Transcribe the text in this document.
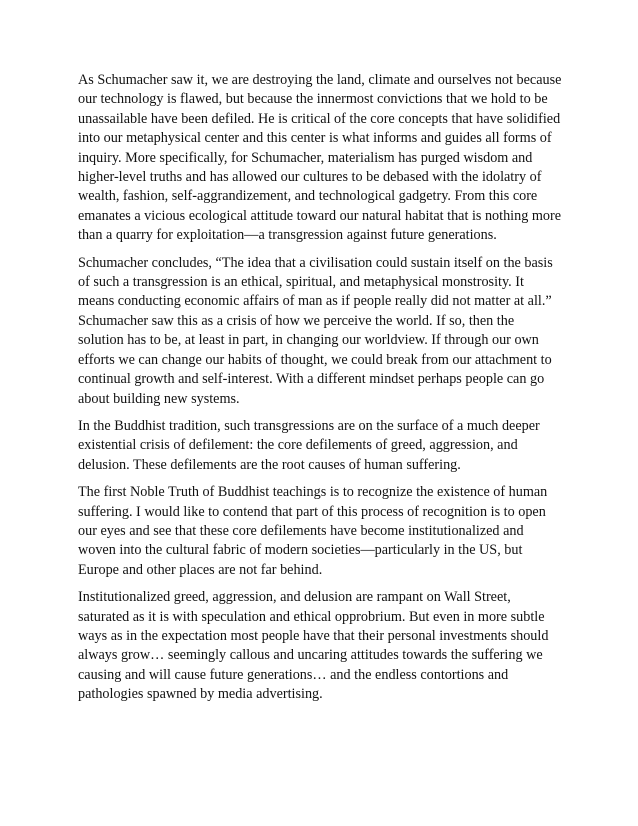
As Schumacher saw it, we are destroying the land, climate and ourselves not because our technology is flawed, but because the innermost convictions that we hold to be unassailable have been defiled. He is critical of the core concepts that have solidified into our metaphysical center and this center is what informs and guides all forms of inquiry. More specifically, for Schumacher, materialism has purged wisdom and higher-level truths and has allowed our cultures to be debased with the idolatry of wealth, fashion, self-aggrandizement, and technological gadgetry. From this core emanates a vicious ecological attitude toward our natural habitat that is nothing more than a quarry for exploitation—a transgression against future generations.

Schumacher concludes, “The idea that a civilisation could sustain itself on the basis of such a transgression is an ethical, spiritual, and metaphysical monstrosity. It means conducting economic affairs of man as if people really did not matter at all.” Schumacher saw this as a crisis of how we perceive the world. If so, then the solution has to be, at least in part, in changing our worldview. If through our own efforts we can change our habits of thought, we could break from our attachment to continual growth and self-interest. With a different mindset perhaps people can go about building new systems.

In the Buddhist tradition, such transgressions are on the surface of a much deeper existential crisis of defilement: the core defilements of greed, aggression, and delusion. These defilements are the root causes of human suffering.

The first Noble Truth of Buddhist teachings is to recognize the existence of human suffering. I would like to contend that part of this process of recognition is to open our eyes and see that these core defilements have become institutionalized and woven into the cultural fabric of modern societies—particularly in the US, but Europe and other places are not far behind.

Institutionalized greed, aggression, and delusion are rampant on Wall Street, saturated as it is with speculation and ethical opprobrium. But even in more subtle ways as in the expectation most people have that their personal investments should always grow… seemingly callous and uncaring attitudes towards the suffering we causing and will cause future generations… and the endless contortions and pathologies spawned by media advertising.
